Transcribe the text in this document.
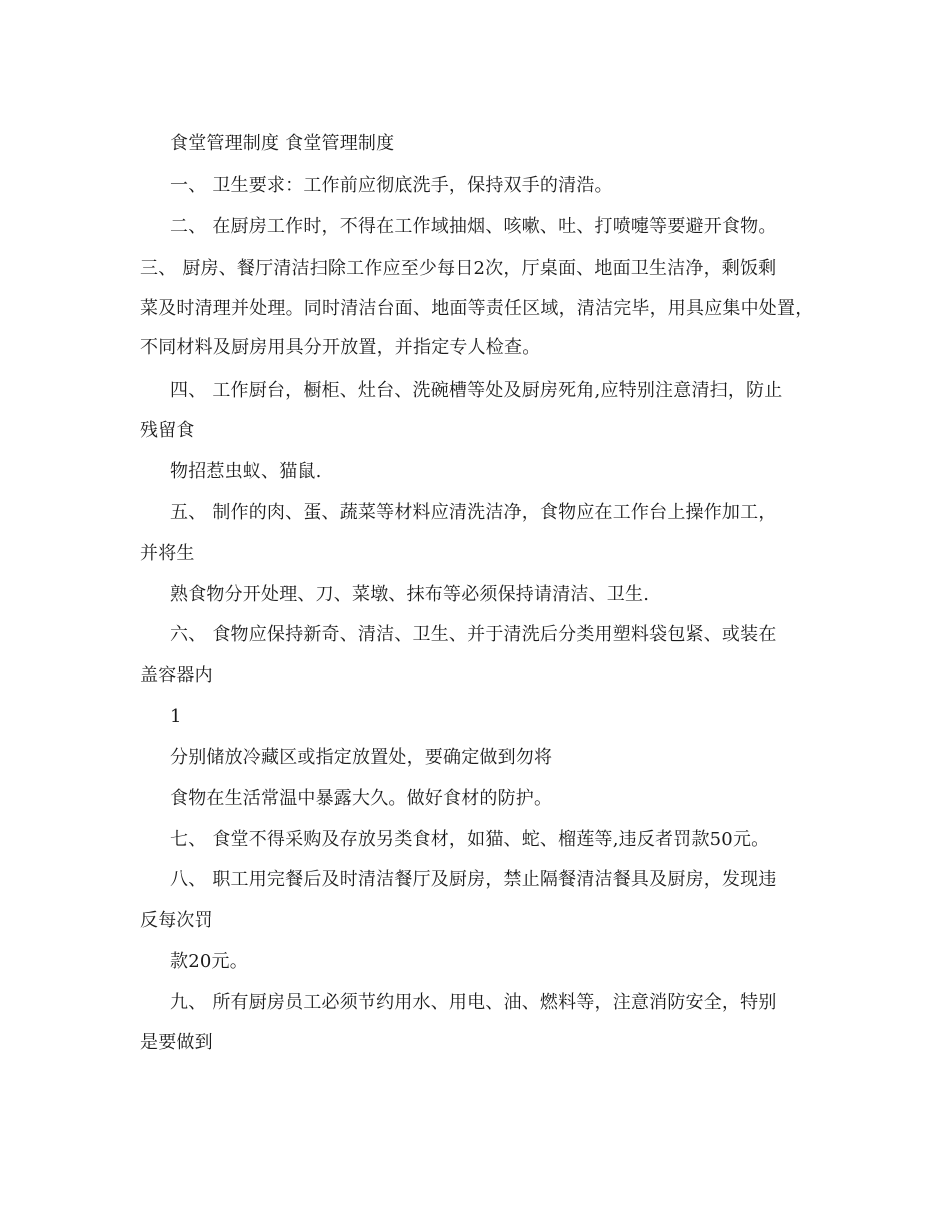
食堂管理制度 食堂管理制度
一、 卫生要求：工作前应彻底洗手，保持双手的清浩。
二、 在厨房工作时，不得在工作域抽烟、咳嗽、吐、打喷嚏等要避开食物。
三、 厨房、餐厅清洁扫除工作应至少每日2次，厅桌面、地面卫生洁净，剩饭剩
菜及时清理并处理。同时清洁台面、地面等责任区域，清洁完毕，用具应集中处置，
不同材料及厨房用具分开放置，并指定专人检查。
四、 工作厨台，橱柜、灶台、洗碗槽等处及厨房死角,应特别注意清扫，防止
残留食
物招惹虫蚁、猫鼠.
五、 制作的肉、蛋、蔬菜等材料应清洗洁净，食物应在工作台上操作加工，
并将生
熟食物分开处理、刀、菜墩、抹布等必须保持请清洁、卫生.
六、 食物应保持新奇、清洁、卫生、并于清洗后分类用塑料袋包紧、或装在
盖容器内
1
分别储放冷藏区或指定放置处，要确定做到勿将
食物在生活常温中暴露大久。做好食材的防护。
七、 食堂不得采购及存放另类食材，如猫、蛇、榴莲等,违反者罚款50元。
八、 职工用完餐后及时清洁餐厅及厨房，禁止隔餐清洁餐具及厨房，发现违
反每次罚
款20元。
九、 所有厨房员工必须节约用水、用电、油、燃料等，注意消防安全，特别
是要做到
